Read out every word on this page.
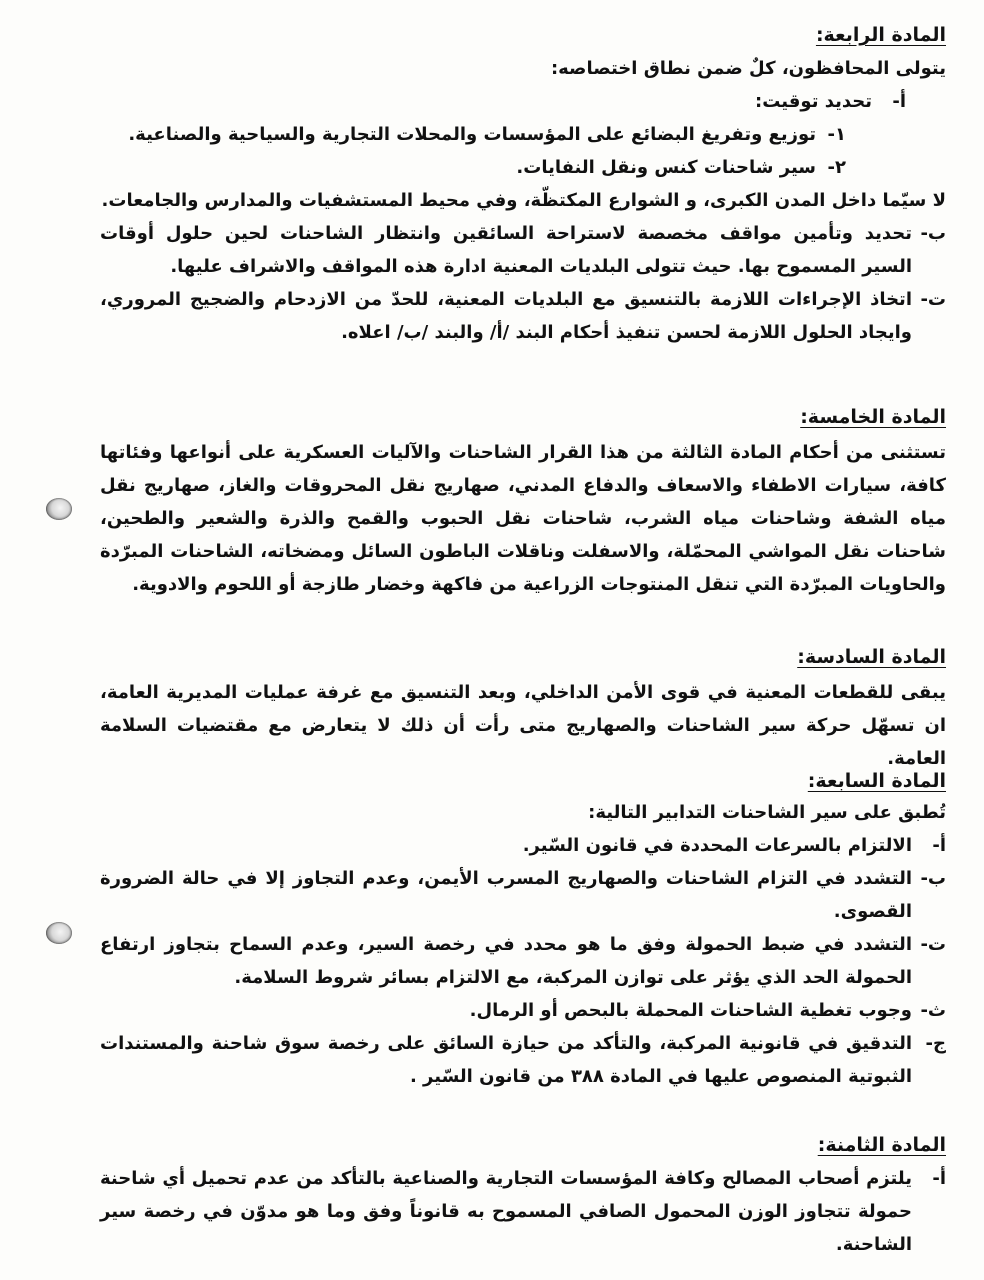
المادة الرابعة:

يتولى المحافظون، كلٌ ضمن نطاق اختصاصه:

أ-
تحديد توقيت:
١-
توزيع وتفريغ البضائع على المؤسسات والمحلات التجارية والسياحية والصناعية.
٢-
سير شاحنات كنس ونقل النفايات.

لا سيّما داخل المدن الكبرى، و الشوارع المكتظّة، وفي محيط المستشفيات والمدارس والجامعات.

ب-
تحديد وتأمين مواقف مخصصة لاستراحة السائقين وانتظار الشاحنات لحين حلول أوقات السير المسموح بها. حيث تتولى البلديات المعنية ادارة هذه المواقف والاشراف عليها.
ت-
اتخاذ الإجراءات اللازمة بالتنسيق مع البلديات المعنية، للحدّ من الازدحام والضجيج المروري، وايجاد الحلول اللازمة لحسن تنفيذ أحكام البند /أ/ والبند /ب/ اعلاه.

المادة الخامسة:

تستثنى من أحكام المادة الثالثة من هذا القرار الشاحنات والآليات العسكرية على أنواعها وفئاتها كافة، سيارات الاطفاء والاسعاف والدفاع المدني، صهاريج نقل المحروقات والغاز، صهاريج نقل مياه الشفة وشاحنات مياه الشرب، شاحنات نقل الحبوب والقمح والذرة والشعير والطحين، شاحنات نقل المواشي المحمّلة، والاسفلت وناقلات الباطون السائل ومضخاته، الشاحنات المبرّدة والحاويات المبرّدة التي تنقل المنتوجات الزراعية من فاكهة وخضار طازجة أو اللحوم والادوية.

المادة السادسة:

يبقى للقطعات المعنية في قوى الأمن الداخلي، وبعد التنسيق مع غرفة عمليات المديرية العامة، ان تسهّل حركة سير الشاحنات والصهاريج متى رأت أن ذلك لا يتعارض مع مقتضيات السلامة العامة.

المادة السابعة:

تُطبق على سير الشاحنات التدابير التالية:

أ-
الالتزام بالسرعات المحددة في قانون السّير.
ب-
التشدد في التزام الشاحنات والصهاريج المسرب الأيمن، وعدم التجاوز إلا في حالة الضرورة القصوى.
ت-
التشدد في ضبط الحمولة وفق ما هو محدد في رخصة السير، وعدم السماح بتجاوز ارتفاع الحمولة الحد الذي يؤثر على توازن المركبة، مع الالتزام بسائر شروط السلامة.
ث-
وجوب تغطية الشاحنات المحملة بالبحص أو الرمال.
ج-
التدقيق في قانونية المركبة، والتأكد من حيازة السائق على رخصة سوق شاحنة والمستندات الثبوتية المنصوص عليها في المادة ٣٨٨ من قانون السّير .

المادة الثامنة:

أ-
يلتزم أصحاب المصالح وكافة المؤسسات التجارية والصناعية بالتأكد من عدم تحميل أي شاحنة حمولة تتجاوز الوزن المحمول الصافي المسموح به قانوناً وفق وما هو مدوّن في رخصة سير الشاحنة.
